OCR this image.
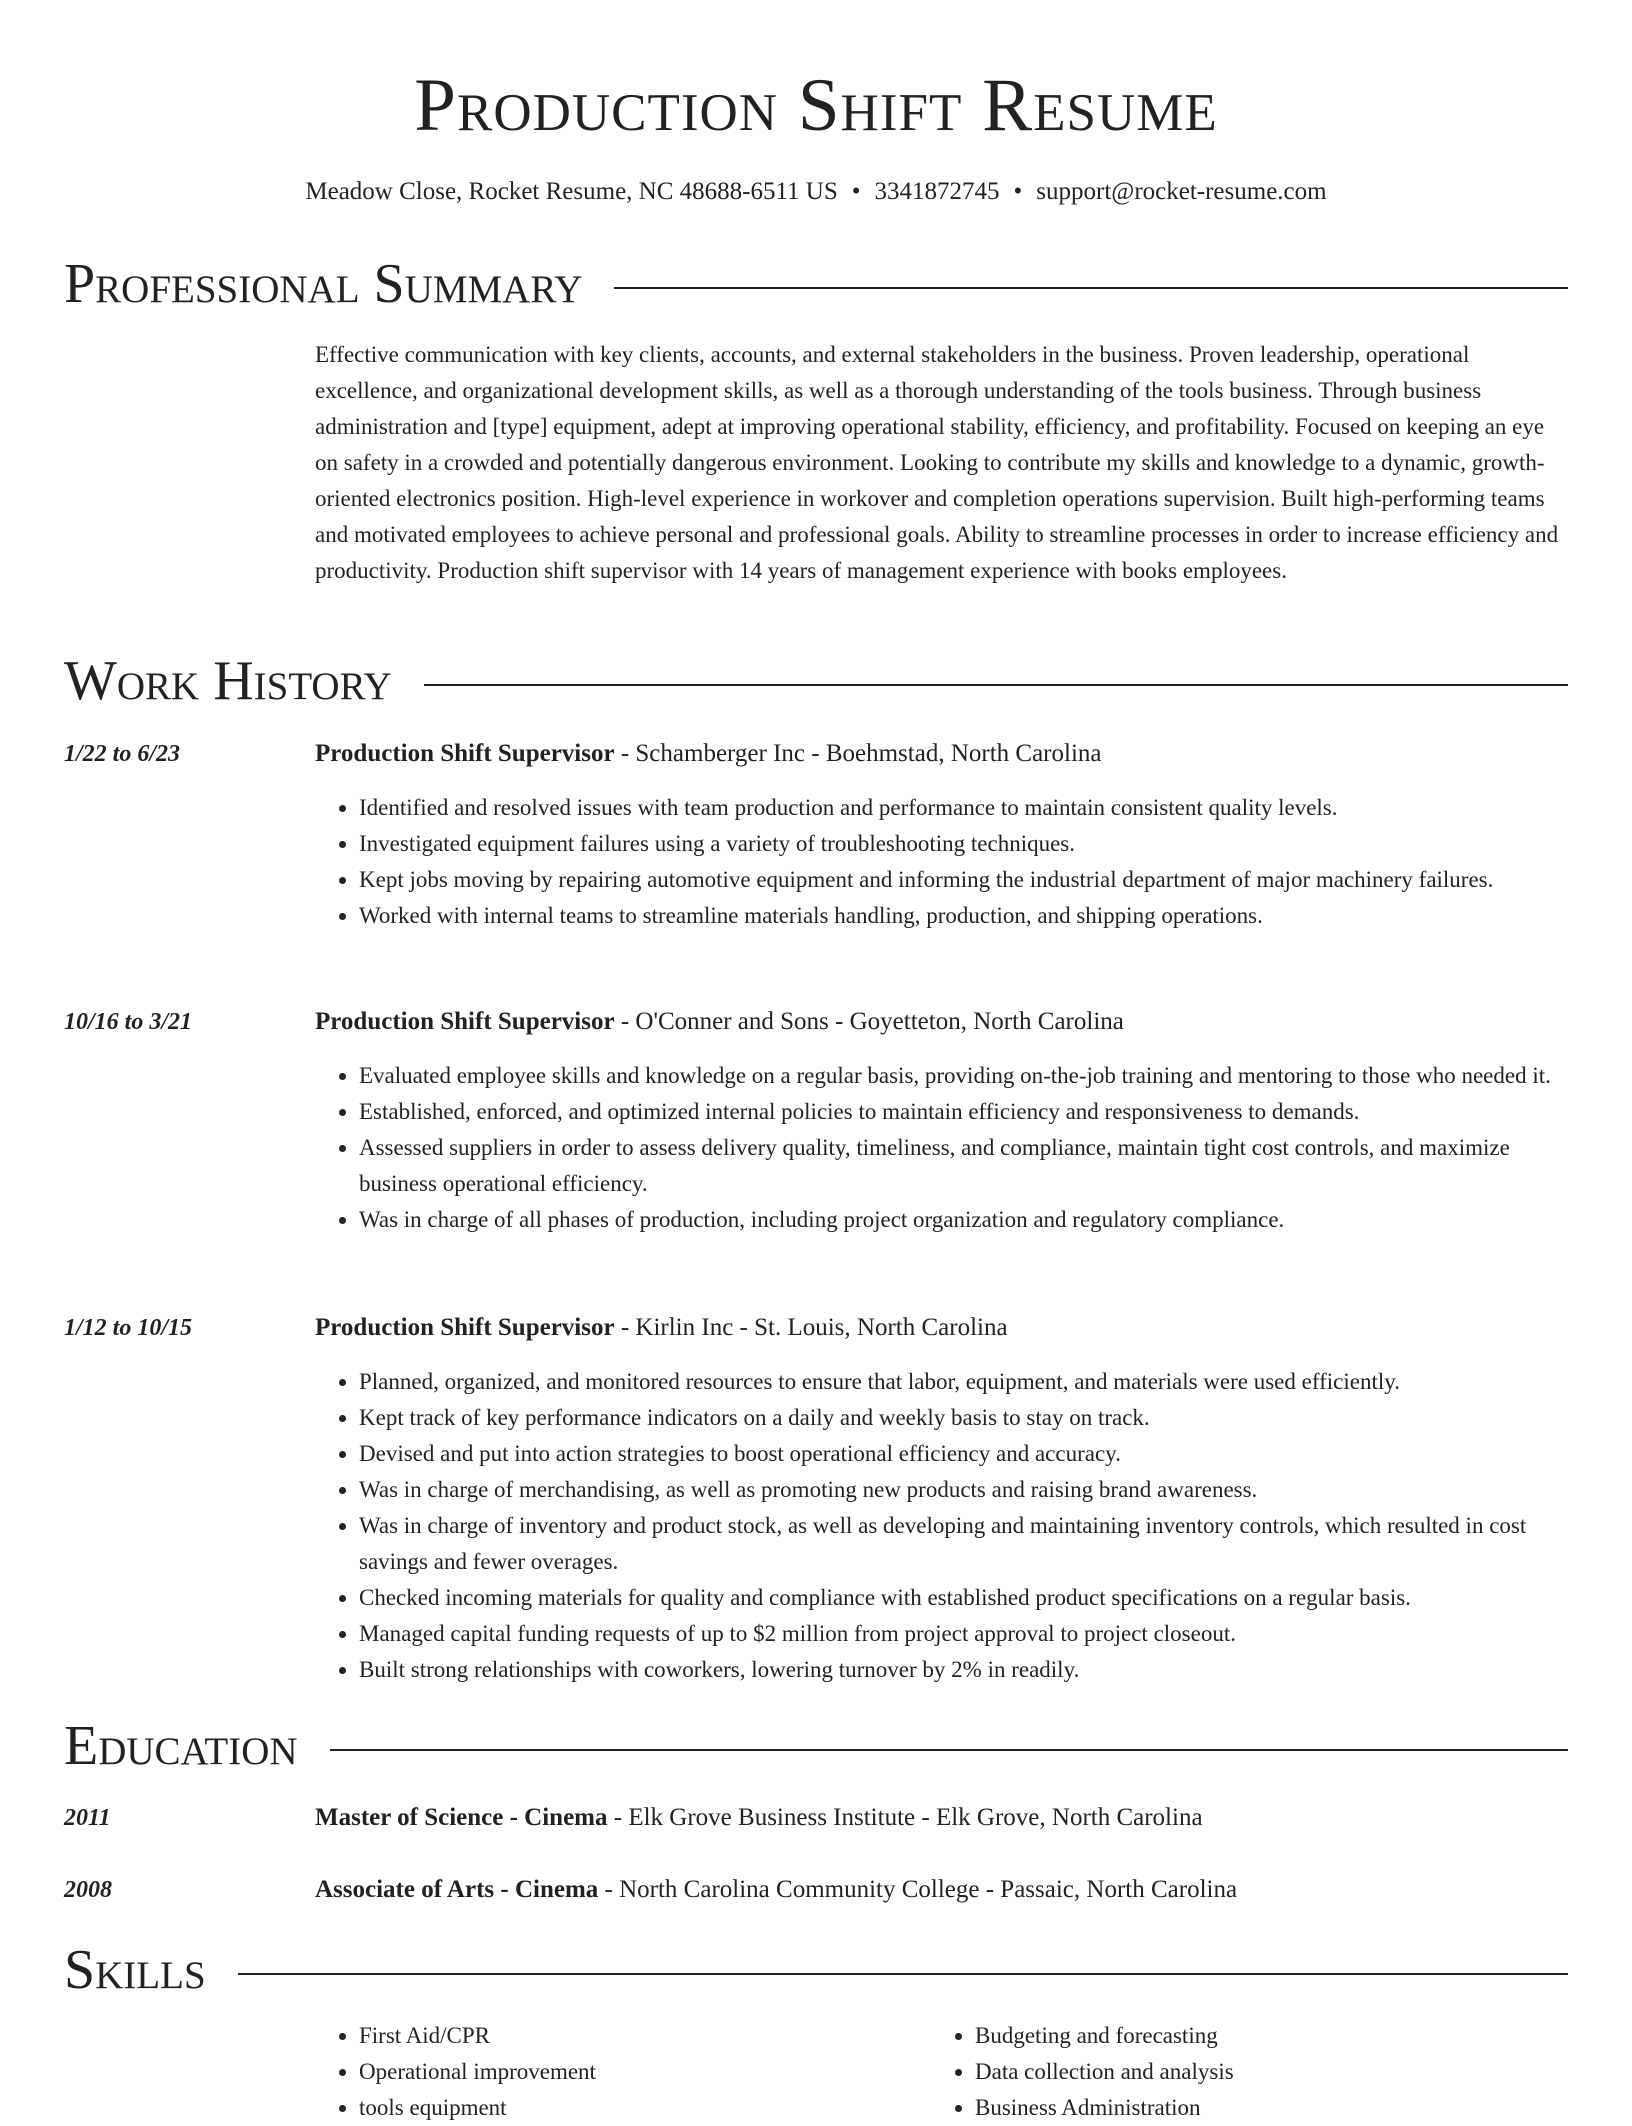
Production Shift Resume
Meadow Close, Rocket Resume, NC 48688-6511 US • 3341872745 • support@rocket-resume.com
Professional Summary

Effective communication with key clients, accounts, and external stakeholders in the business. Proven leadership, operational excellence, and organizational development skills, as well as a thorough understanding of the tools business. Through business administration and [type] equipment, adept at improving operational stability, efficiency, and profitability. Focused on keeping an eye on safety in a crowded and potentially dangerous environment. Looking to contribute my skills and knowledge to a dynamic, growth-oriented electronics position. High-level experience in workover and completion operations supervision. Built high-performing teams and motivated employees to achieve personal and professional goals. Ability to streamline processes in order to increase efficiency and productivity. Production shift supervisor with 14 years of management experience with books employees.

Work History
1/22 to 6/23	Production Shift Supervisor - Schamberger Inc - Boehmstad, North Carolina
• Identified and resolved issues with team production and performance to maintain consistent quality levels.
• Investigated equipment failures using a variety of troubleshooting techniques.
• Kept jobs moving by repairing automotive equipment and informing the industrial department of major machinery failures.
• Worked with internal teams to streamline materials handling, production, and shipping operations.
10/16 to 3/21	Production Shift Supervisor - O'Conner and Sons - Goyetteton, North Carolina
• Evaluated employee skills and knowledge on a regular basis, providing on-the-job training and mentoring to those who needed it.
• Established, enforced, and optimized internal policies to maintain efficiency and responsiveness to demands.
• Assessed suppliers in order to assess delivery quality, timeliness, and compliance, maintain tight cost controls, and maximize business operational efficiency.
• Was in charge of all phases of production, including project organization and regulatory compliance.
1/12 to 10/15	Production Shift Supervisor - Kirlin Inc - St. Louis, North Carolina
• Planned, organized, and monitored resources to ensure that labor, equipment, and materials were used efficiently.
• Kept track of key performance indicators on a daily and weekly basis to stay on track.
• Devised and put into action strategies to boost operational efficiency and accuracy.
• Was in charge of merchandising, as well as promoting new products and raising brand awareness.
• Was in charge of inventory and product stock, as well as developing and maintaining inventory controls, which resulted in cost savings and fewer overages.
• Checked incoming materials for quality and compliance with established product specifications on a regular basis.
• Managed capital funding requests of up to $2 million from project approval to project closeout.
• Built strong relationships with coworkers, lowering turnover by 2% in readily.
Education
2011	Master of Science - Cinema - Elk Grove Business Institute - Elk Grove, North Carolina
2008	Associate of Arts - Cinema - North Carolina Community College - Passaic, North Carolina
Skills
• First Aid/CPR
• Operational improvement
• tools equipment
• Budgeting and forecasting
• Data collection and analysis
• Business Administration
